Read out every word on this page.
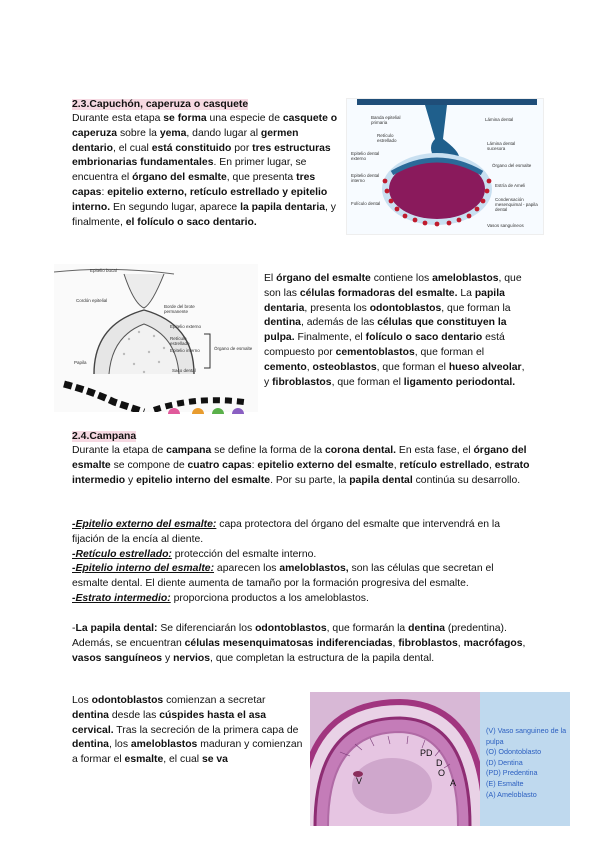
2.3.Capuchón, caperuza o casquete

Durante esta etapa se forma una especie de casquete o caperuza sobre la yema, dando lugar al germen dentario, el cual está constituido por tres estructuras embrionarias fundamentales. En primer lugar, se encuentra el órgano del esmalte, que presenta tres capas: epitelio externo, retículo estrellado y epitelio interno. En segundo lugar, aparece la papila dentaria, y finalmente, el folículo o saco dentario.

Banda epitelial primaria
Lámina dental
Retículo estrellado
Lámina dental sucesora
Epitelio dental externo
Órgano del esmalte
Epitelio dental interno
Estría de Ameli
Folículo dental
Condensación mesenquimal - papila dental
Vasos sanguíneos
Epitelio bucal
Cordón epitelial
Borde del brote permanente
Epitelio externo
Retículo estrellado
Epitelio interno
Papila
Saco dental
Órgano de esmalte

El órgano del esmalte contiene los ameloblastos, que son las células formadoras del esmalte. La papila dentaria, presenta los odontoblastos, que forman la dentina, además de las células que constituyen la pulpa. Finalmente, el folículo o saco dentario está compuesto por cementoblastos, que forman el cemento, osteoblastos, que forman el hueso alveolar, y fibroblastos, que forman el ligamento periodontal.

2.4.Campana

Durante la etapa de campana se define la forma de la corona dental. En esta fase, el órgano del esmalte se compone de cuatro capas: epitelio externo del esmalte, retículo estrellado, estrato intermedio y epitelio interno del esmalte. Por su parte, la papila dental continúa su desarrollo.

-Epitelio externo del esmalte: capa protectora del órgano del esmalte que intervendrá en la fijación de la encía al diente.

-Retículo estrellado: protección del esmalte interno.

-Epitelio interno del esmalte: aparecen los ameloblastos, son las células que secretan el esmalte dental. El diente aumenta de tamaño por la formación progresiva del esmalte.

-Estrato intermedio: proporciona productos a los ameloblastos.

-La papila dental: Se diferenciarán los odontoblastos, que formarán la dentina (predentina). Además, se encuentran células mesenquimatosas indiferenciadas, fibroblastos, macrófagos, vasos sanguíneos y nervios, que completan la estructura de la papila dental.

Los odontoblastos comienzan a secretar dentina desde las cúspides hasta el asa cervical. Tras la secreción de la primera capa de dentina, los ameloblastos maduran y comienzan a formar el esmalte, el cual se va

PD
D
O
V	A
(V) Vaso sanguineo de la pulpa
(O) Odontoblasto
(D) Dentina
(PD) Predentina
(E) Esmalte
(A) Ameloblasto
